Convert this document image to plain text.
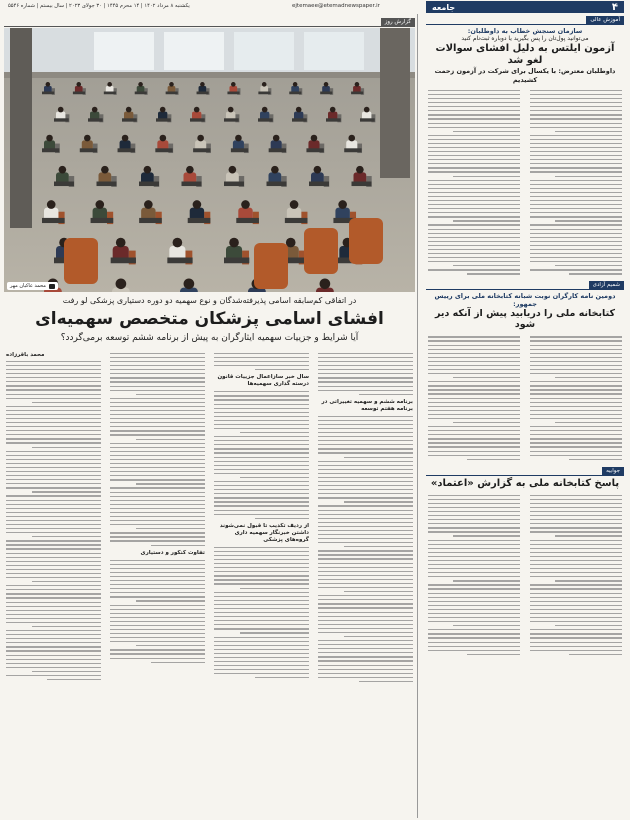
۴
جامعه
ejtemaee@etemadnewspaper.ir
یکشنبه ۸ مرداد ۱۴۰۲ | ۱۴ محرم ۱۴۴۵ | ۳۰ جولای ۲۰۲۳ | سال بیستم | شماره ۵۵۴۶
آموزش عالی
سازمان سنجش خطاب به داوطلبان:
می‌توانید پول‌تان را پس بگیرید یا دوباره ثبت‌نام کنید
آزمون ایلتس به دلیل افشای سوالات لغو شد
داوطلبان معترض: با یکسال برای شرکت در آزمون زحمت کشیدیم
شمیم آزادی
دومین نامه کارگران نوبت شبانه کتابخانه ملی برای رییس جمهور:
کتابخانه ملی را دریابید پیش از آنکه دیر شود
جوابیه
پاسخ کتابخانه ملی به گزارش «اعتماد»
گزارش روز
محمد عاکیان مهر
در اتفاقی کم‌سابقه اسامی پذیرفته‌شدگان و نوع سهمیه دو دوره دستیاری پزشکی لو رفت
افشای اسامی پزشکان متخصص سهمیه‌ای
آیا شرایط و جزییات سهمیه ایثارگران به پیش از برنامه ششم توسعه برمی‌گردد؟
برنامه ششم و سهمیه تغییراتی در برنامه هفتم توسعه
سال خبر سازاعمال جزییات قانون درسته گذاری سهمیه‌ها
از ردیف تکذیب تا قبول نمی‌شوند داشتن خبرنگار سهمیه داری گروه‌های پزشکی
تفاوت کنکور و دستیاری
محمد باقرزاده
